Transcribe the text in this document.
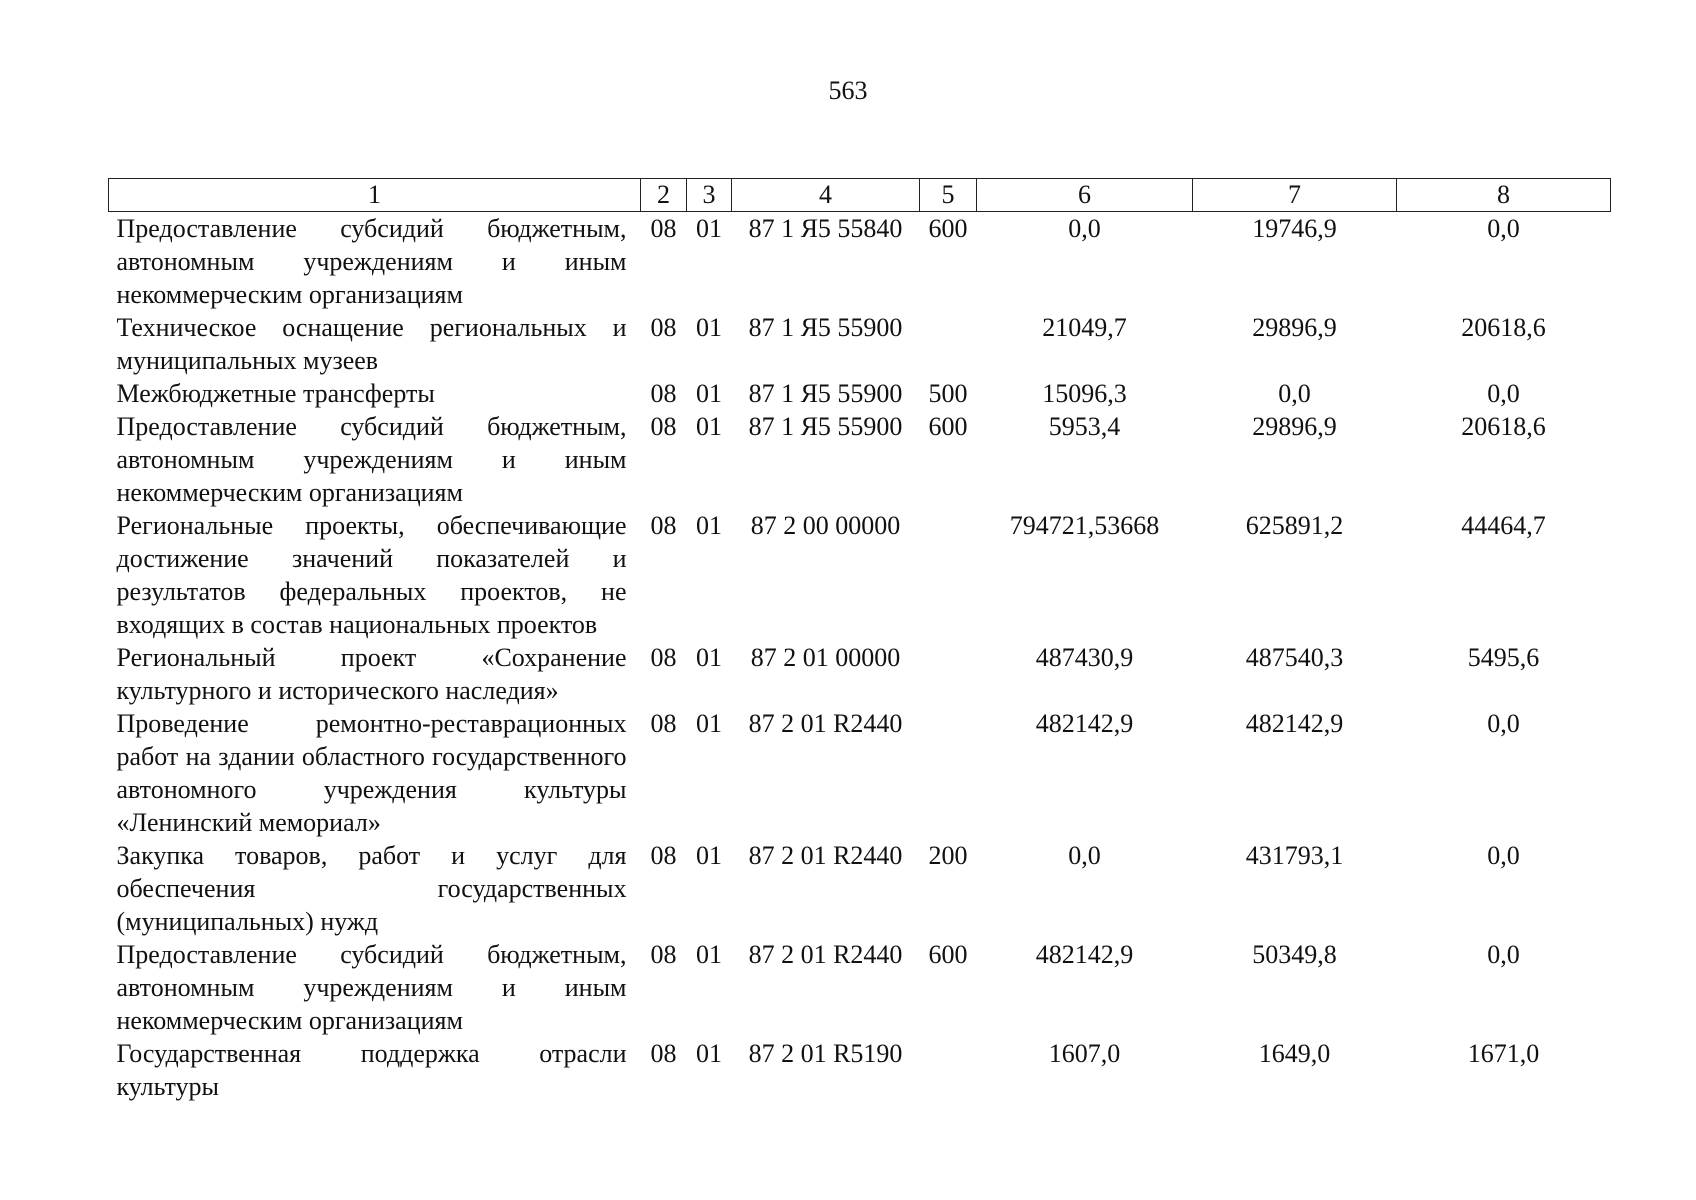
563
1	2	3	4	5	6	7	8
Предоставление субсидий бюджетным, автономным учреждениям и иным некоммерческим организациям	08	01	87 1 Я5 55840	600	0,0	19746,9	0,0
Техническое оснащение региональных и муниципальных музеев	08	01	87 1 Я5 55900		21049,7	29896,9	20618,6
Межбюджетные трансферты	08	01	87 1 Я5 55900	500	15096,3	0,0	0,0
Предоставление субсидий бюджетным, автономным учреждениям и иным некоммерческим организациям	08	01	87 1 Я5 55900	600	5953,4	29896,9	20618,6
Региональные проекты, обеспечивающие достижение значений показателей и результатов федеральных проектов, не входящих в состав национальных проектов	08	01	87 2 00 00000		794721,53668	625891,2	44464,7
Региональный проект «Сохранение культурного и исторического наследия»	08	01	87 2 01 00000		487430,9	487540,3	5495,6
Проведение ремонтно-реставрационных работ на здании областного государственного автономного учреждения культуры «Ленинский мемориал»	08	01	87 2 01 R2440		482142,9	482142,9	0,0
Закупка товаров, работ и услуг для обеспечения государственных (муниципальных) нужд	08	01	87 2 01 R2440	200	0,0	431793,1	0,0
Предоставление субсидий бюджетным, автономным учреждениям и иным некоммерческим организациям	08	01	87 2 01 R2440	600	482142,9	50349,8	0,0
Государственная поддержка отрасли культуры	08	01	87 2 01 R5190		1607,0	1649,0	1671,0
